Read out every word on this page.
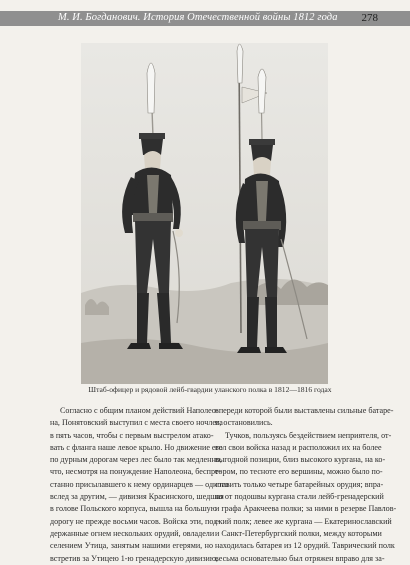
М. И. Богданович. История Отечественной войны 1812 года 278
Штаб-офицер и рядовой лейб-гвардии уланского полка в 1812—1816 годах
Согласно с общим планом действий Наполео-
на, Понятовский выступил с места своего ночлега
в пять часов, чтобы с первым выстрелом атако-
вать с фланга наше левое крыло. Но движение его
по дурным дорогам через лес было так медленно,
что, несмотря на понуждение Наполеона, беспре-
станно присылавшего к нему ординарцев — одного
вслед за другим, — дивизия Красинского, шедшая
в голове Польского корпуса, вышла на большую
дорогу не прежде восьми часов. Войска эти, под-
держанные огнем нескольких орудий, овладели
селением Утица, занятым нашими егерями, но
встретив за Утицею 1-ю гренадерскую дивизию,
впереди которой были выставлены сильные батаре-
и, остановились.
Тучков, пользуясь бездействием неприятеля, от-
вел свои войска назад и расположил их на более
выгодной позиции, близ высокого кургана, на ко-
тором, по тесноте его вершины, можно было по-
ставить только четыре батарейных орудия; впра-
во от подошвы кургана стали лейб-гренадерский
и графа Аракчеева полки; за ними в резерве Павлов-
ский полк; левее же кургана — Екатеринославский
и Санкт-Петербургский полки, между которыми
находилась батарея из 12 орудий. Таврический полк
весьма основательно был отряжен вправо для за-
